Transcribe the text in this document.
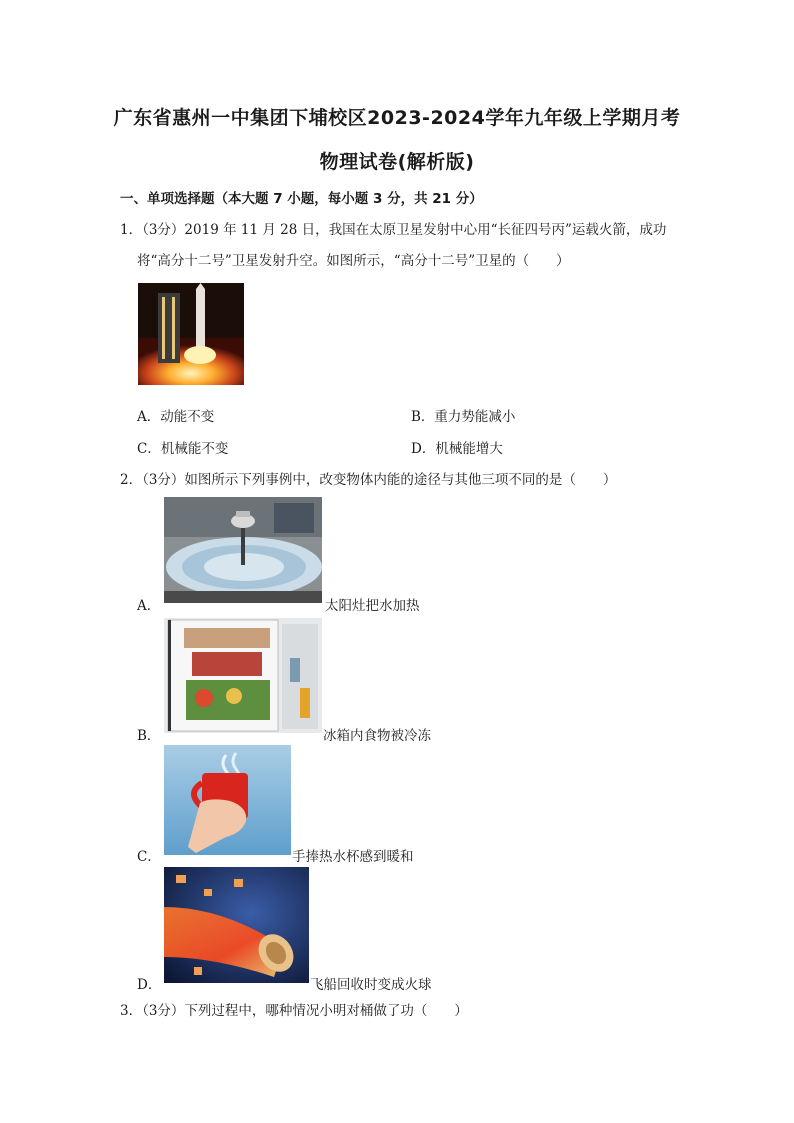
广东省惠州一中集团下埔校区2023-2024学年九年级上学期月考
物理试卷(解析版)
一、单项选择题（本大题 7 小题，每小题 3 分，共 21 分）
1．（3分）2019 年 11 月 28 日，我国在太原卫星发射中心用“长征四号丙”运载火箭，成功
将“高分十二号”卫星发射升空。如图所示，“高分十二号”卫星的（　　）
A．动能不变	B．重力势能减小
C．机械能不变	D．机械能增大
2．（3分）如图所示下列事例中，改变物体内能的途径与其他三项不同的是（　　）
A．	太阳灶把水加热
B．	冰箱内食物被冷冻
C．	手捧热水杯感到暖和
D．	飞船回收时变成火球
3．（3分）下列过程中，哪种情况小明对桶做了功（　　）
